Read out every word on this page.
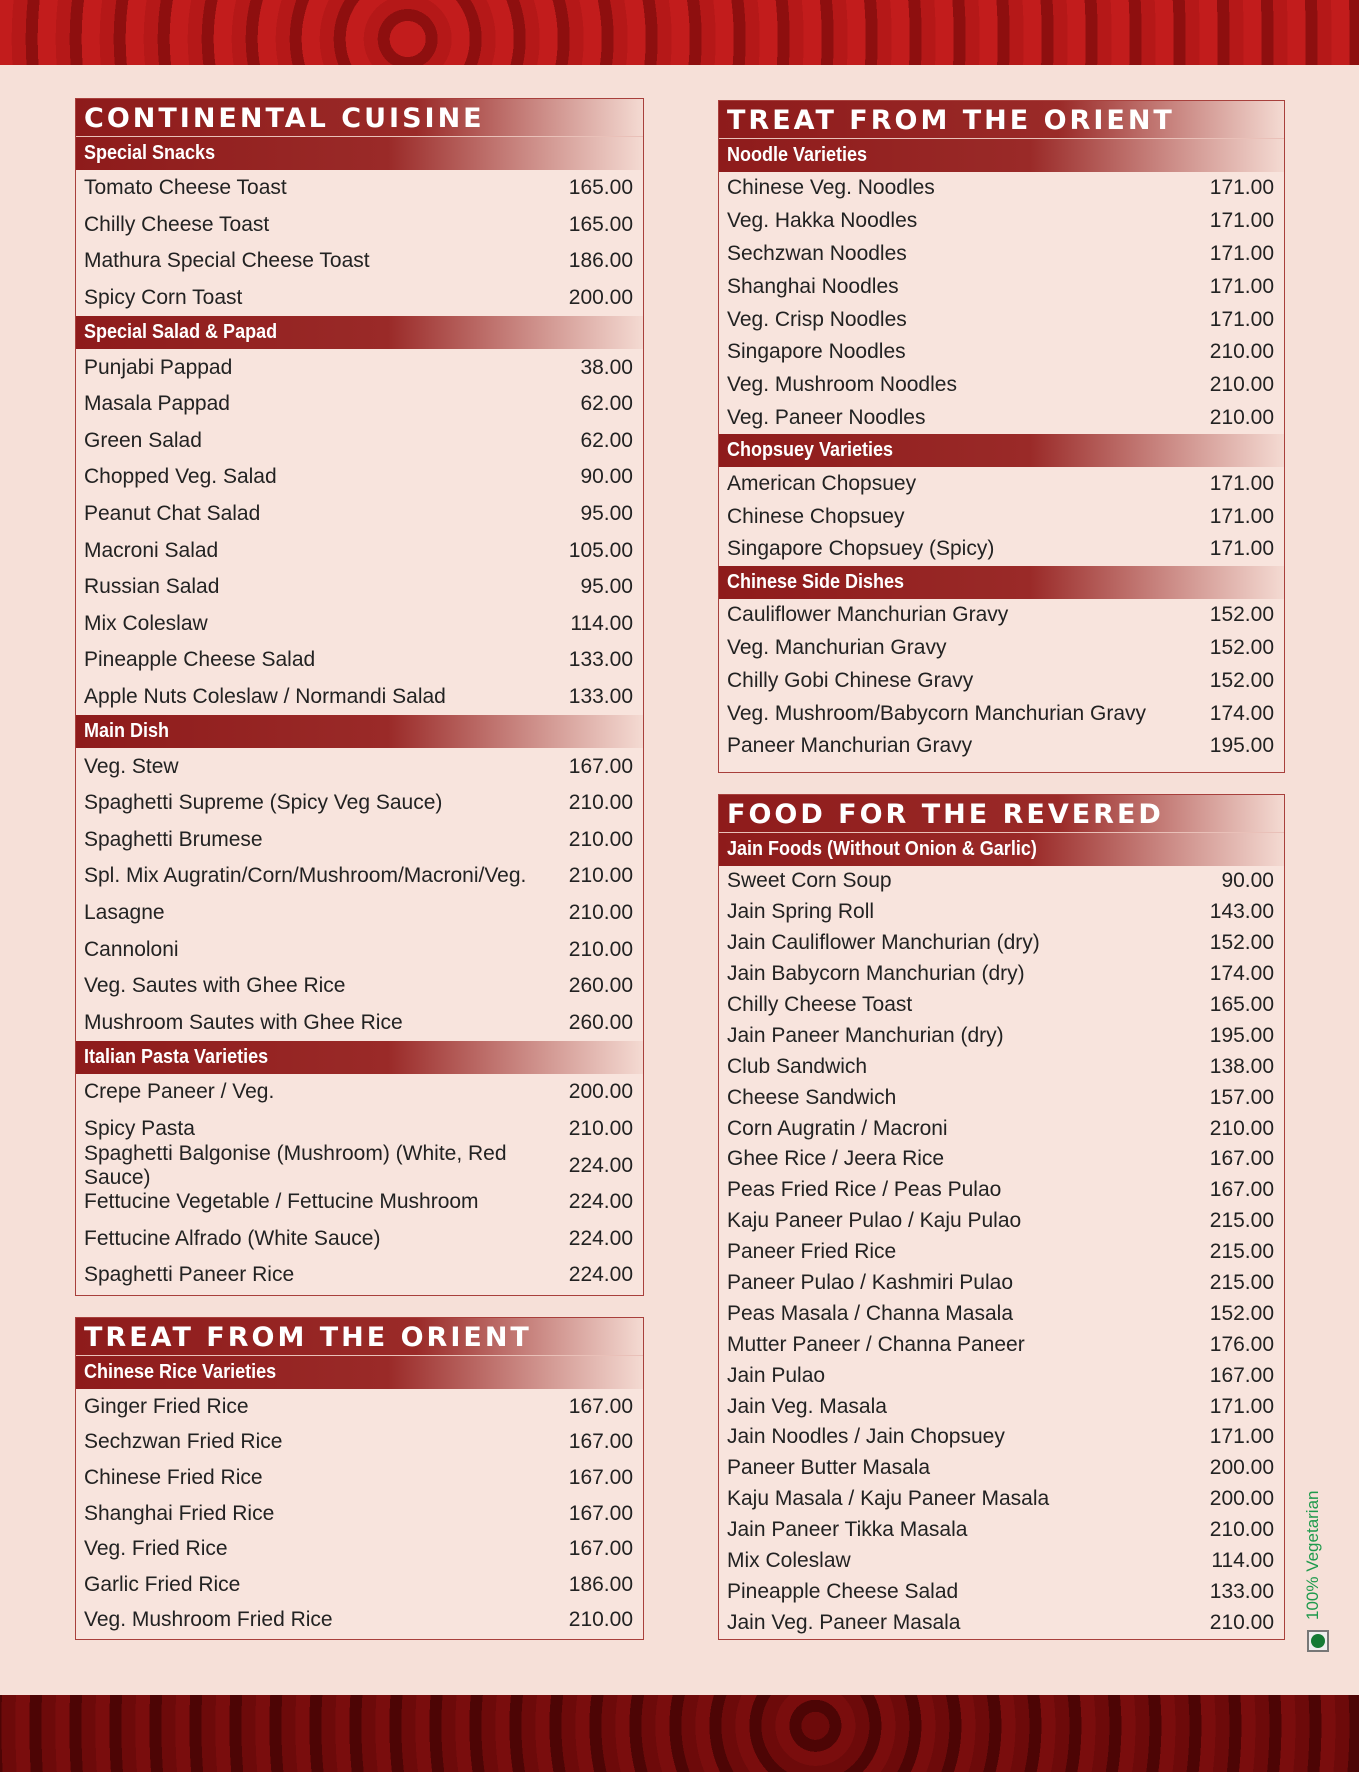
CONTINENTAL CUISINE
Special Snacks
Tomato Cheese Toast	165.00
Chilly Cheese Toast	165.00
Mathura Special Cheese Toast	186.00
Spicy Corn Toast	200.00
Special Salad & Papad
Punjabi Pappad	38.00
Masala Pappad	62.00
Green Salad	62.00
Chopped Veg. Salad	90.00
Peanut Chat Salad	95.00
Macroni Salad	105.00
Russian Salad	95.00
Mix Coleslaw	114.00
Pineapple Cheese Salad	133.00
Apple Nuts Coleslaw / Normandi Salad	133.00
Main Dish
Veg. Stew	167.00
Spaghetti Supreme (Spicy Veg Sauce)	210.00
Spaghetti Brumese	210.00
Spl. Mix Augratin/Corn/Mushroom/Macroni/Veg. 210.00
Lasagne	210.00
Cannoloni	210.00
Veg. Sautes with Ghee Rice	260.00
Mushroom Sautes with Ghee Rice	260.00
Italian Pasta Varieties
Crepe Paneer / Veg.	200.00
Spicy Pasta	210.00
Spaghetti Balgonise (Mushroom) (White, Red Sauce)
224.00
Fettucine Vegetable / Fettucine Mushroom	224.00
Fettucine Alfrado (White Sauce)	224.00
Spaghetti Paneer Rice	224.00
TREAT FROM THE ORIENT
Chinese Rice Varieties
Ginger Fried Rice	167.00
Sechzwan Fried Rice	167.00
Chinese Fried Rice	167.00
Shanghai Fried Rice	167.00
Veg. Fried Rice	167.00
Garlic Fried Rice	186.00
Veg. Mushroom Fried Rice	210.00
TREAT FROM THE ORIENT
Noodle Varieties
Chinese Veg. Noodles	171.00
Veg. Hakka Noodles	171.00
Sechzwan Noodles	171.00
Shanghai Noodles	171.00
Veg. Crisp Noodles	171.00
Singapore Noodles	210.00
Veg. Mushroom Noodles	210.00
Veg. Paneer Noodles	210.00
Chopsuey Varieties
American Chopsuey	171.00
Chinese Chopsuey	171.00
Singapore Chopsuey (Spicy)	171.00
Chinese Side Dishes
Cauliflower Manchurian Gravy	152.00
Veg. Manchurian Gravy	152.00
Chilly Gobi Chinese Gravy	152.00
Veg. Mushroom/Babycorn Manchurian Gravy	174.00
Paneer Manchurian Gravy	195.00
FOOD FOR THE REVERED
Jain Foods (Without Onion & Garlic)
Sweet Corn Soup	90.00
Jain Spring Roll	143.00
Jain Cauliflower Manchurian (dry)	152.00
Jain Babycorn Manchurian (dry)	174.00
Chilly Cheese Toast	165.00
Jain Paneer Manchurian (dry)	195.00
Club Sandwich	138.00
Cheese Sandwich	157.00
Corn Augratin / Macroni	210.00
Ghee Rice / Jeera Rice	167.00
Peas Fried Rice / Peas Pulao	167.00
Kaju Paneer Pulao / Kaju Pulao	215.00
Paneer Fried Rice	215.00
Paneer Pulao / Kashmiri Pulao	215.00
Peas Masala / Channa Masala	152.00
Mutter Paneer / Channa Paneer	176.00
Jain Pulao	167.00
Jain Veg. Masala	171.00
Jain Noodles / Jain Chopsuey	171.00
Paneer Butter Masala	200.00
Kaju Masala / Kaju Paneer Masala	200.00
Jain Paneer Tikka Masala	210.00
Mix Coleslaw	114.00
Pineapple Cheese Salad	133.00
Jain Veg. Paneer Masala	210.00
100% Vegetarian
